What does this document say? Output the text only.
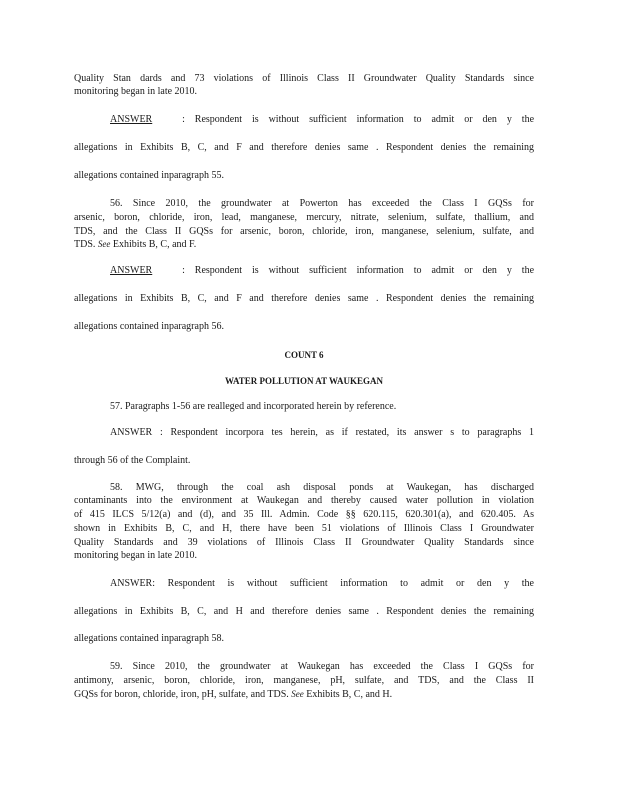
Quality Stan dards and 73 violations of Illinois Class II Groundwater Quality Standards since
monitoring began in late 2010.
ANSWER	: Respondent is without sufficient information to admit or den y the
allegations in Exhibits B, C, and F and therefore denies same . Respondent denies the remaining
allegations contained inparagraph 55.
56. Since 2010, the groundwater at Powerton has exceeded the Class I GQSs for
arsenic, boron, chloride, iron, lead, manganese, mercury, nitrate, selenium, sulfate, thallium, and
TDS, and the Class II GQSs for arsenic, boron, chloride, iron, manganese, selenium, sulfate, and
TDS. See Exhibits B, C, and F.
ANSWER	: Respondent is without sufficient information to admit or den y the
allegations in Exhibits B, C, and F and therefore denies same . Respondent denies the remaining
allegations contained inparagraph 56.
COUNT 6
WATER POLLUTION AT WAUKEGAN
57. Paragraphs 1-56 are realleged and incorporated herein by reference.
ANSWER : Respondent incorpora tes herein, as if restated, its answer s to paragraphs 1
through 56 of the Complaint.
58. MWG, through the coal ash disposal ponds at Waukegan, has discharged
contaminants into the environment at Waukegan and thereby caused water pollution in violation
of 415 ILCS 5/12(a) and (d), and 35 Ill. Admin. Code §§ 620.115, 620.301(a), and 620.405. As
shown in Exhibits B, C, and H, there have been 51 violations of Illinois Class I Groundwater
Quality Standards and 39 violations of Illinois Class II Groundwater Quality Standards since
monitoring began in late 2010.
ANSWER: Respondent is without sufficient information to admit or den y the
allegations in Exhibits B, C, and H and therefore denies same . Respondent denies the remaining
allegations contained inparagraph 58.
59. Since 2010, the groundwater at Waukegan has exceeded the Class I GQSs for
antimony, arsenic, boron, chloride, iron, manganese, pH, sulfate, and TDS, and the Class II
GQSs for boron, chloride, iron, pH, sulfate, and TDS. See Exhibits B, C, and H.
